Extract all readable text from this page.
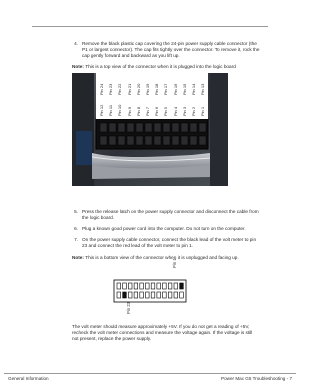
4. Remove the black plastic cap covering the 24-pin power supply cable connector (the
P1 or largest connector). The cap fits tightly over the connector. To remove it, rock the
cap gently forward and backward as you lift up.
Note: This is a top view of the connector when it is plugged into the logic board
Pin 24 Pin 23 Pin 22 Pin 21 Pin 20 Pin 19 Pin 18 Pin 17 Pin 16 Pin 15 Pin 14 Pin 13
Pin 12 Pin 11 Pin 10 Pin 9 Pin 8 Pin 7 Pin 6 Pin 5 Pin 4 Pin 3 Pin 2 Pin 1
5. Press the release latch on the power supply connector and disconnect the cable from
the logic board.
6. Plug a known good power cord into the computer. Do not turn on the computer.
7. On the power supply cable connector, connect the black lead of the volt meter to pin
23 and connect the red lead of the volt meter to pin 1.
Note: This is a bottom view of the connector when it is unplugged and facing up.
Pin 1
Pin 23
The volt meter should measure approximately +5V. If you do not get a reading of +5V,
recheck the volt meter connections and measure the voltage again. If the voltage is still
not present, replace the power supply.
General Information	Power Mac G5 Troubleshooting - 7
